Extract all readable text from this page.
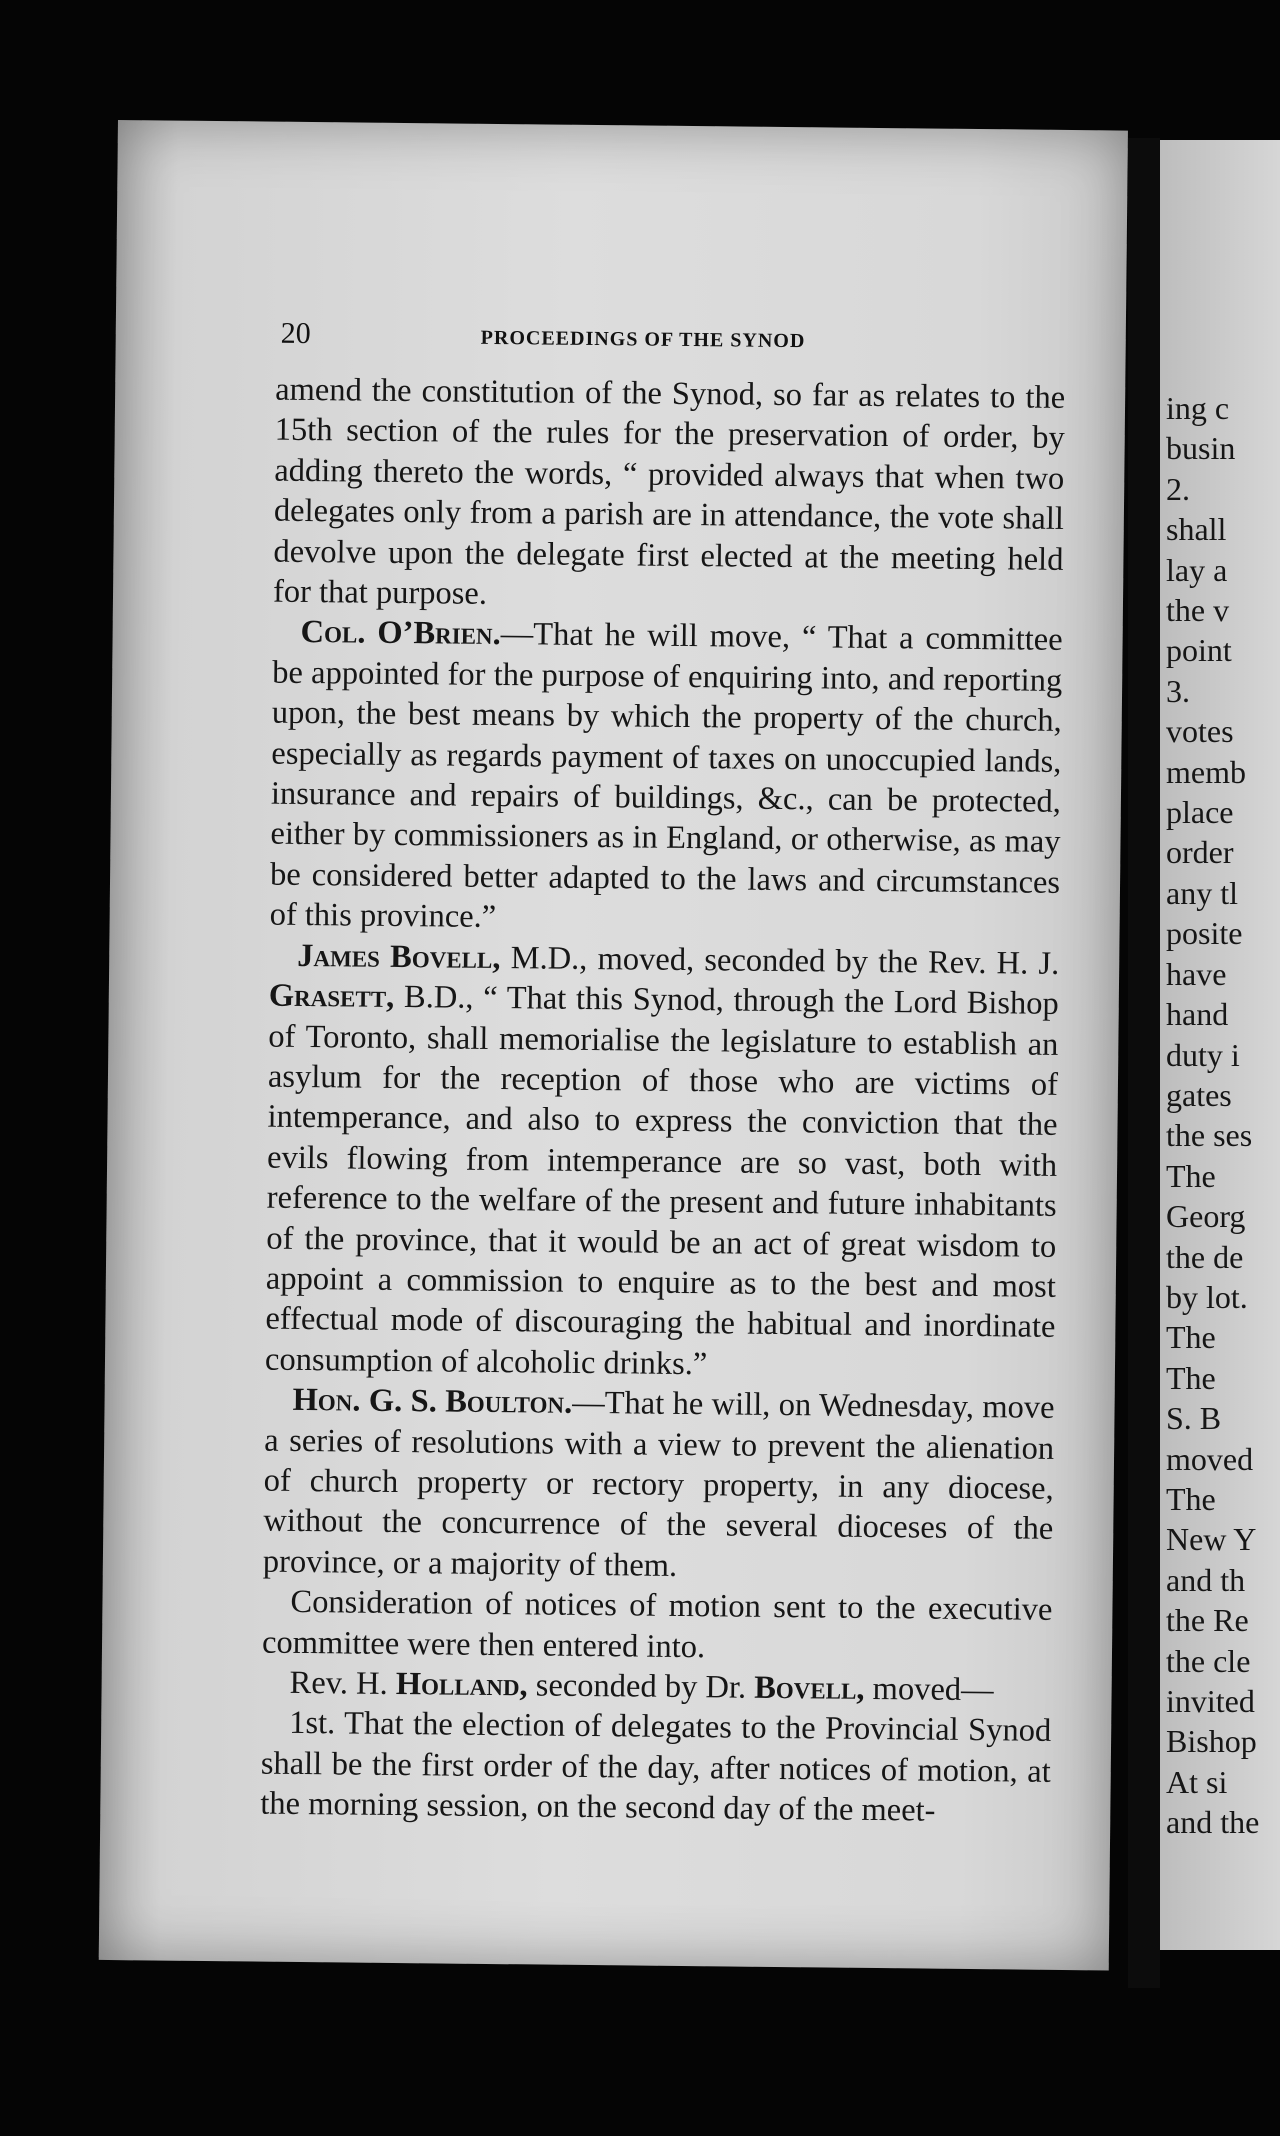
20	PROCEEDINGS OF THE SYNOD

amend the constitution of the Synod, so far as relates to the 15th section of the rules for the preservation of order, by adding thereto the words, “ provided always that when two delegates only from a parish are in attendance, the vote shall devolve upon the delegate first elected at the meeting held for that purpose.

Col. O’Brien.—That he will move, “ That a committee be appointed for the purpose of enquiring into, and reporting upon, the best means by which the property of the church, especially as regards payment of taxes on unoccupied lands, insurance and repairs of buildings, &c., can be protected, either by commissioners as in England, or otherwise, as may be considered better adapted to the laws and circumstances of this province.”

James Bovell, M.D., moved, seconded by the Rev. H. J. Grasett, B.D., “ That this Synod, through the Lord Bishop of Toronto, shall memorialise the legislature to establish an asylum for the reception of those who are victims of intemperance, and also to express the conviction that the evils flowing from intemperance are so vast, both with reference to the welfare of the present and future inhabitants of the province, that it would be an act of great wisdom to appoint a commission to enquire as to the best and most effectual mode of discouraging the habitual and inordinate consumption of alcoholic drinks.”

Hon. G. S. Boulton.—That he will, on Wednesday, move a series of resolutions with a view to prevent the alienation of church property or rectory property, in any diocese, without the concurrence of the several dioceses of the province, or a majority of them.

Consideration of notices of motion sent to the executive committee were then entered into.

Rev. H. Holland, seconded by Dr. Bovell, moved—

1st. That the election of delegates to the Provincial Synod shall be the first order of the day, after notices of motion, at the morning session, on the second day of the meet-

ing c
busin
2.
shall
lay a
the v
point
3.
votes
memb
place
order
any tl
posite
have
hand
duty i
gates
the ses
The
Georg
the de
by lot.
The
The
S. B
moved
The
New Y
and th
the Re
the cle
invited
Bishop
At si
and the
